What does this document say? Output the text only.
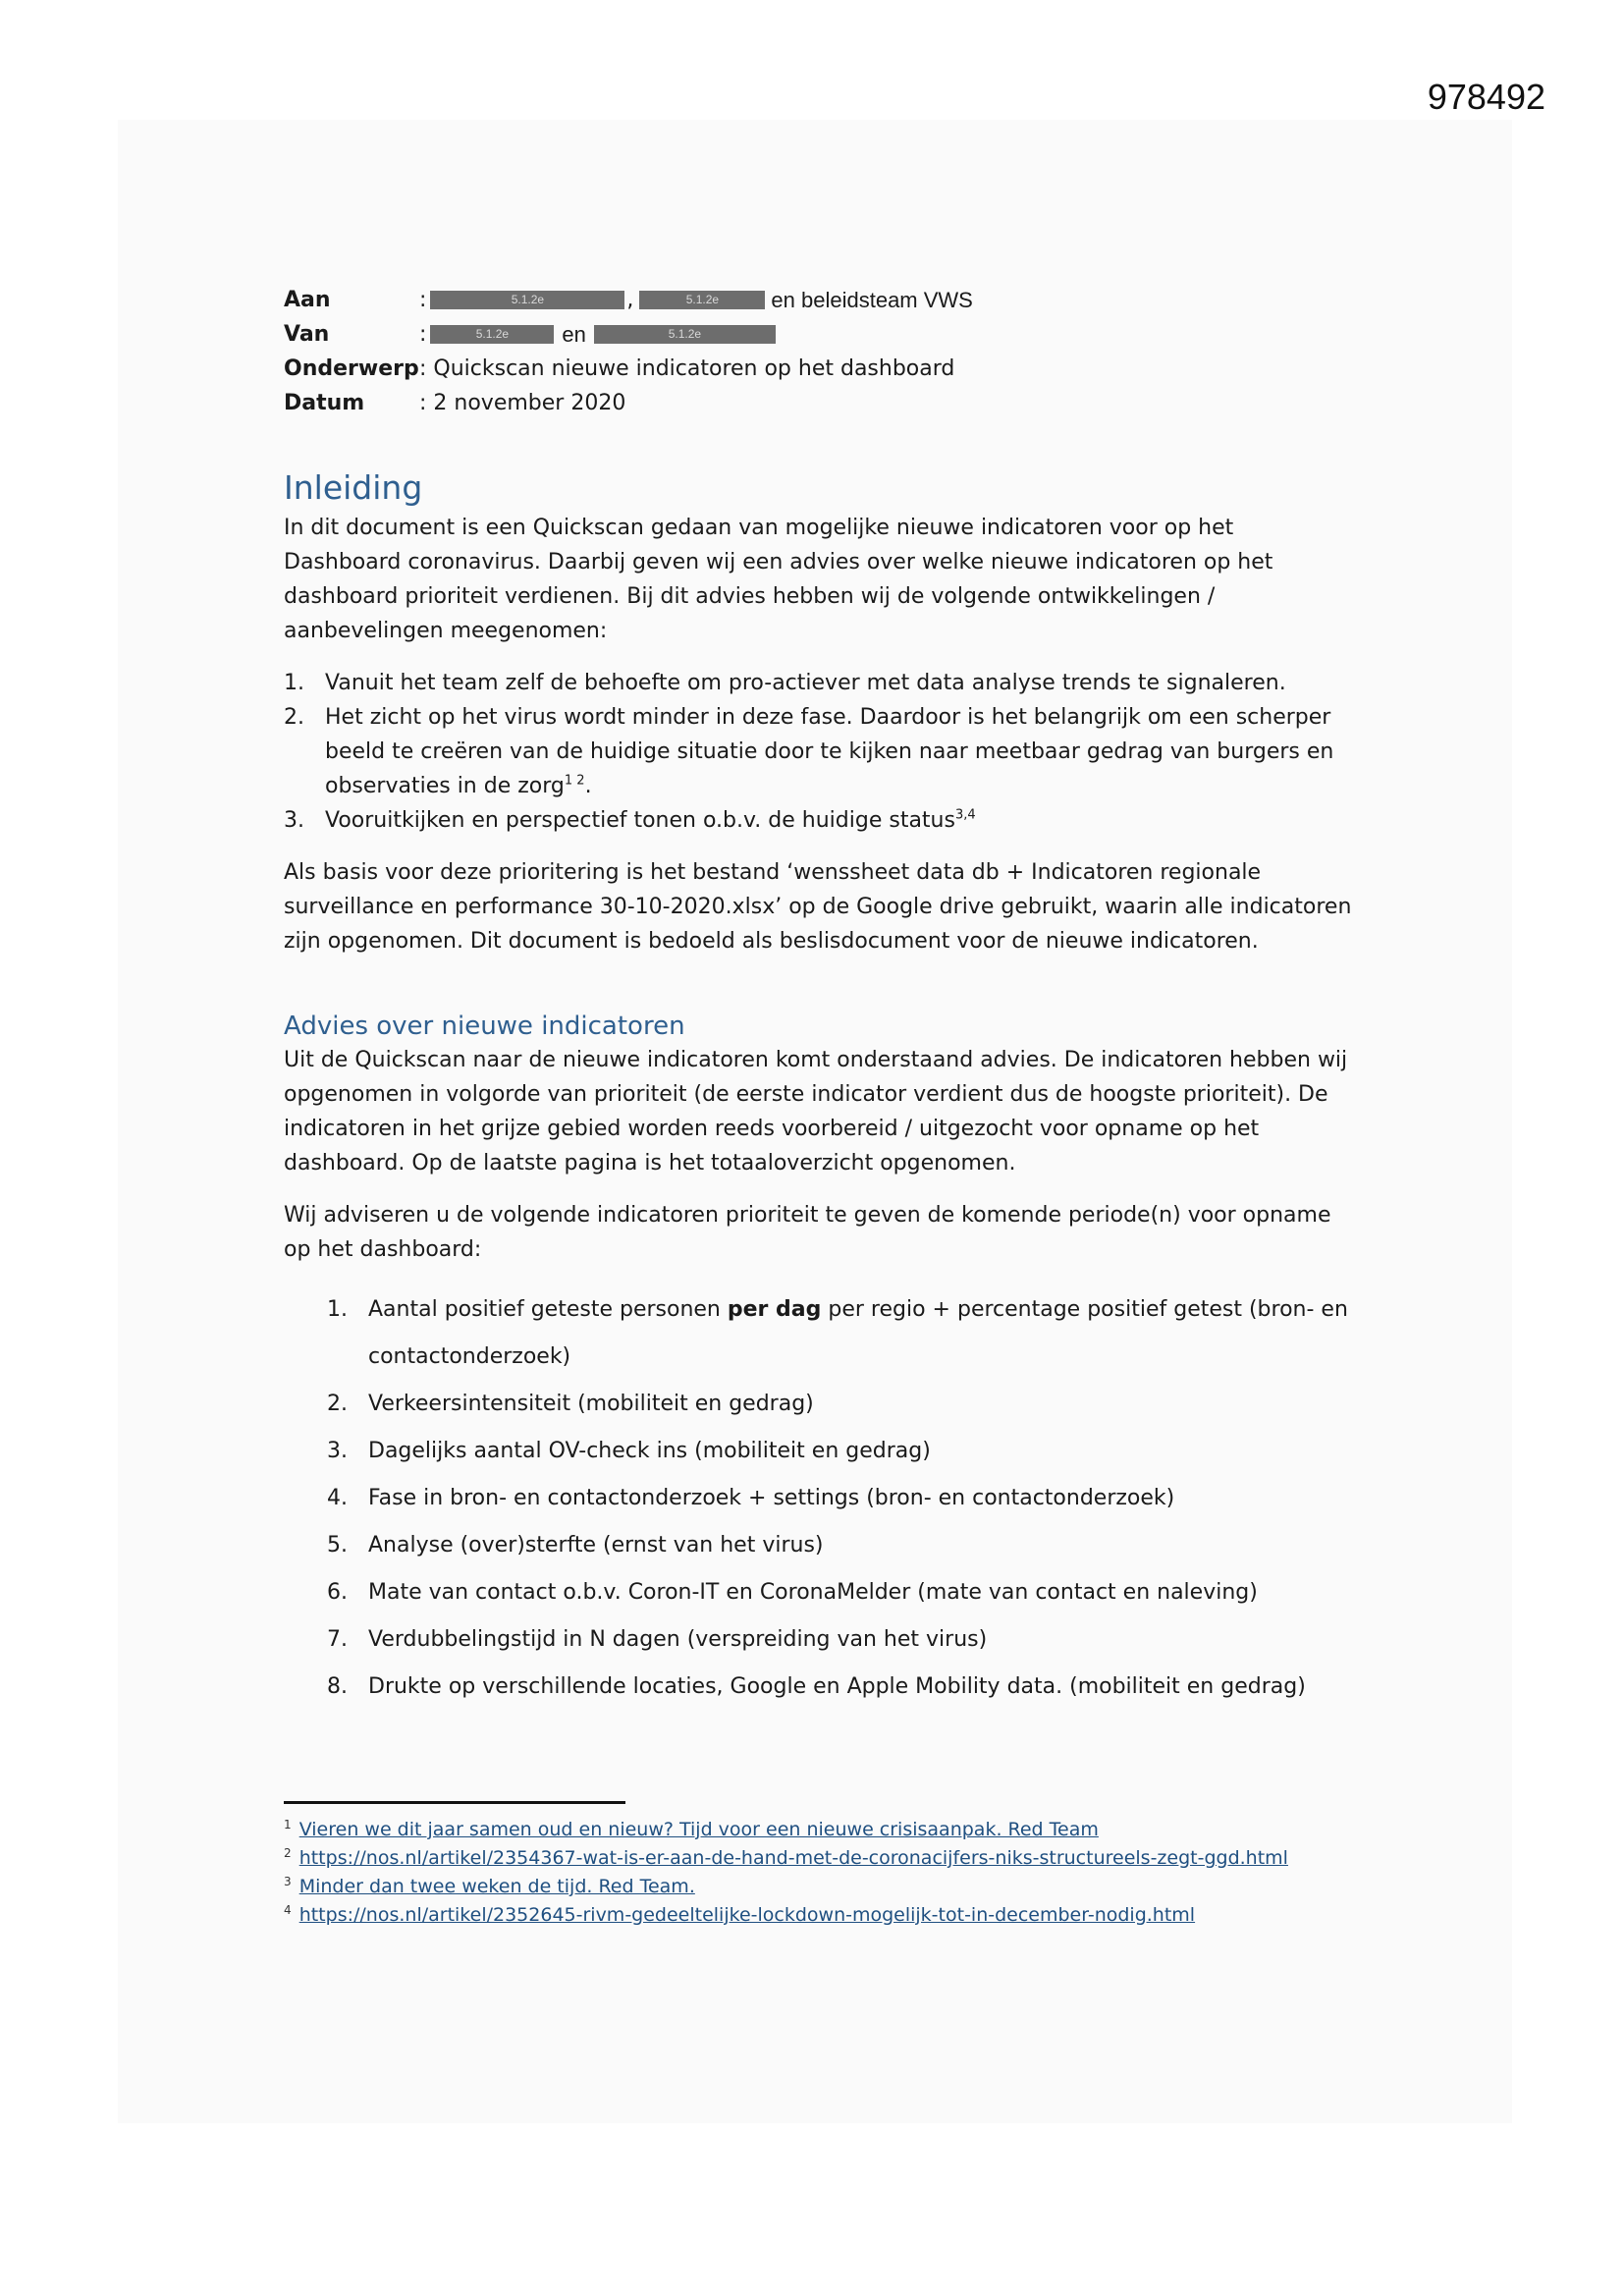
978492
Aan	:	5.1.2e	,	5.1.2e	en beleidsteam VWS
Van	:	5.1.2e	en	5.1.2e
Onderwerp : Quickscan nieuwe indicatoren op het dashboard
Datum	: 2 november 2020
Inleiding

In dit document is een Quickscan gedaan van mogelijke nieuwe indicatoren voor op het Dashboard coronavirus. Daarbij geven wij een advies over welke nieuwe indicatoren op het dashboard prioriteit verdienen. Bij dit advies hebben wij de volgende ontwikkelingen / aanbevelingen meegenomen:

1. Vanuit het team zelf de behoefte om pro-actiever met data analyse trends te signaleren.
2. Het zicht op het virus wordt minder in deze fase. Daardoor is het belangrijk om een scherper beeld te creëren van de huidige situatie door te kijken naar meetbaar gedrag van burgers en observaties in de zorg$^{1 2}$.
3. Vooruitkijken en perspectief tonen o.b.v. de huidige status$^{3,4}$

Als basis voor deze prioritering is het bestand ‘wenssheet data db + Indicatoren regionale surveillance en performance 30-10-2020.xlsx’ op de Google drive gebruikt, waarin alle indicatoren zijn opgenomen. Dit document is bedoeld als beslisdocument voor de nieuwe indicatoren.

Advies over nieuwe indicatoren

Uit de Quickscan naar de nieuwe indicatoren komt onderstaand advies. De indicatoren hebben wij opgenomen in volgorde van prioriteit (de eerste indicator verdient dus de hoogste prioriteit). De indicatoren in het grijze gebied worden reeds voorbereid / uitgezocht voor opname op het dashboard. Op de laatste pagina is het totaaloverzicht opgenomen.

Wij adviseren u de volgende indicatoren prioriteit te geven de komende periode(n) voor opname op het dashboard:

1. Aantal positief geteste personen per dag per regio + percentage positief getest (bron- en contactonderzoek)
2. Verkeersintensiteit (mobiliteit en gedrag)
3. Dagelijks aantal OV-check ins (mobiliteit en gedrag)
4. Fase in bron- en contactonderzoek + settings (bron- en contactonderzoek)
5. Analyse (over)sterfte (ernst van het virus)
6. Mate van contact o.b.v. Coron-IT en CoronaMelder (mate van contact en naleving)
7. Verdubbelingstijd in N dagen (verspreiding van het virus)
8. Drukte op verschillende locaties, Google en Apple Mobility data. (mobiliteit en gedrag)
$^1$ Vieren we dit jaar samen oud en nieuw? Tijd voor een nieuwe crisisaanpak. Red Team
$^2$ https://nos.nl/artikel/2354367-wat-is-er-aan-de-hand-met-de-coronacijfers-niks-structureels-zegt-ggd.html
$^3$ Minder dan twee weken de tijd. Red Team.
$^4$ https://nos.nl/artikel/2352645-rivm-gedeeltelijke-lockdown-mogelijk-tot-in-december-nodig.html
